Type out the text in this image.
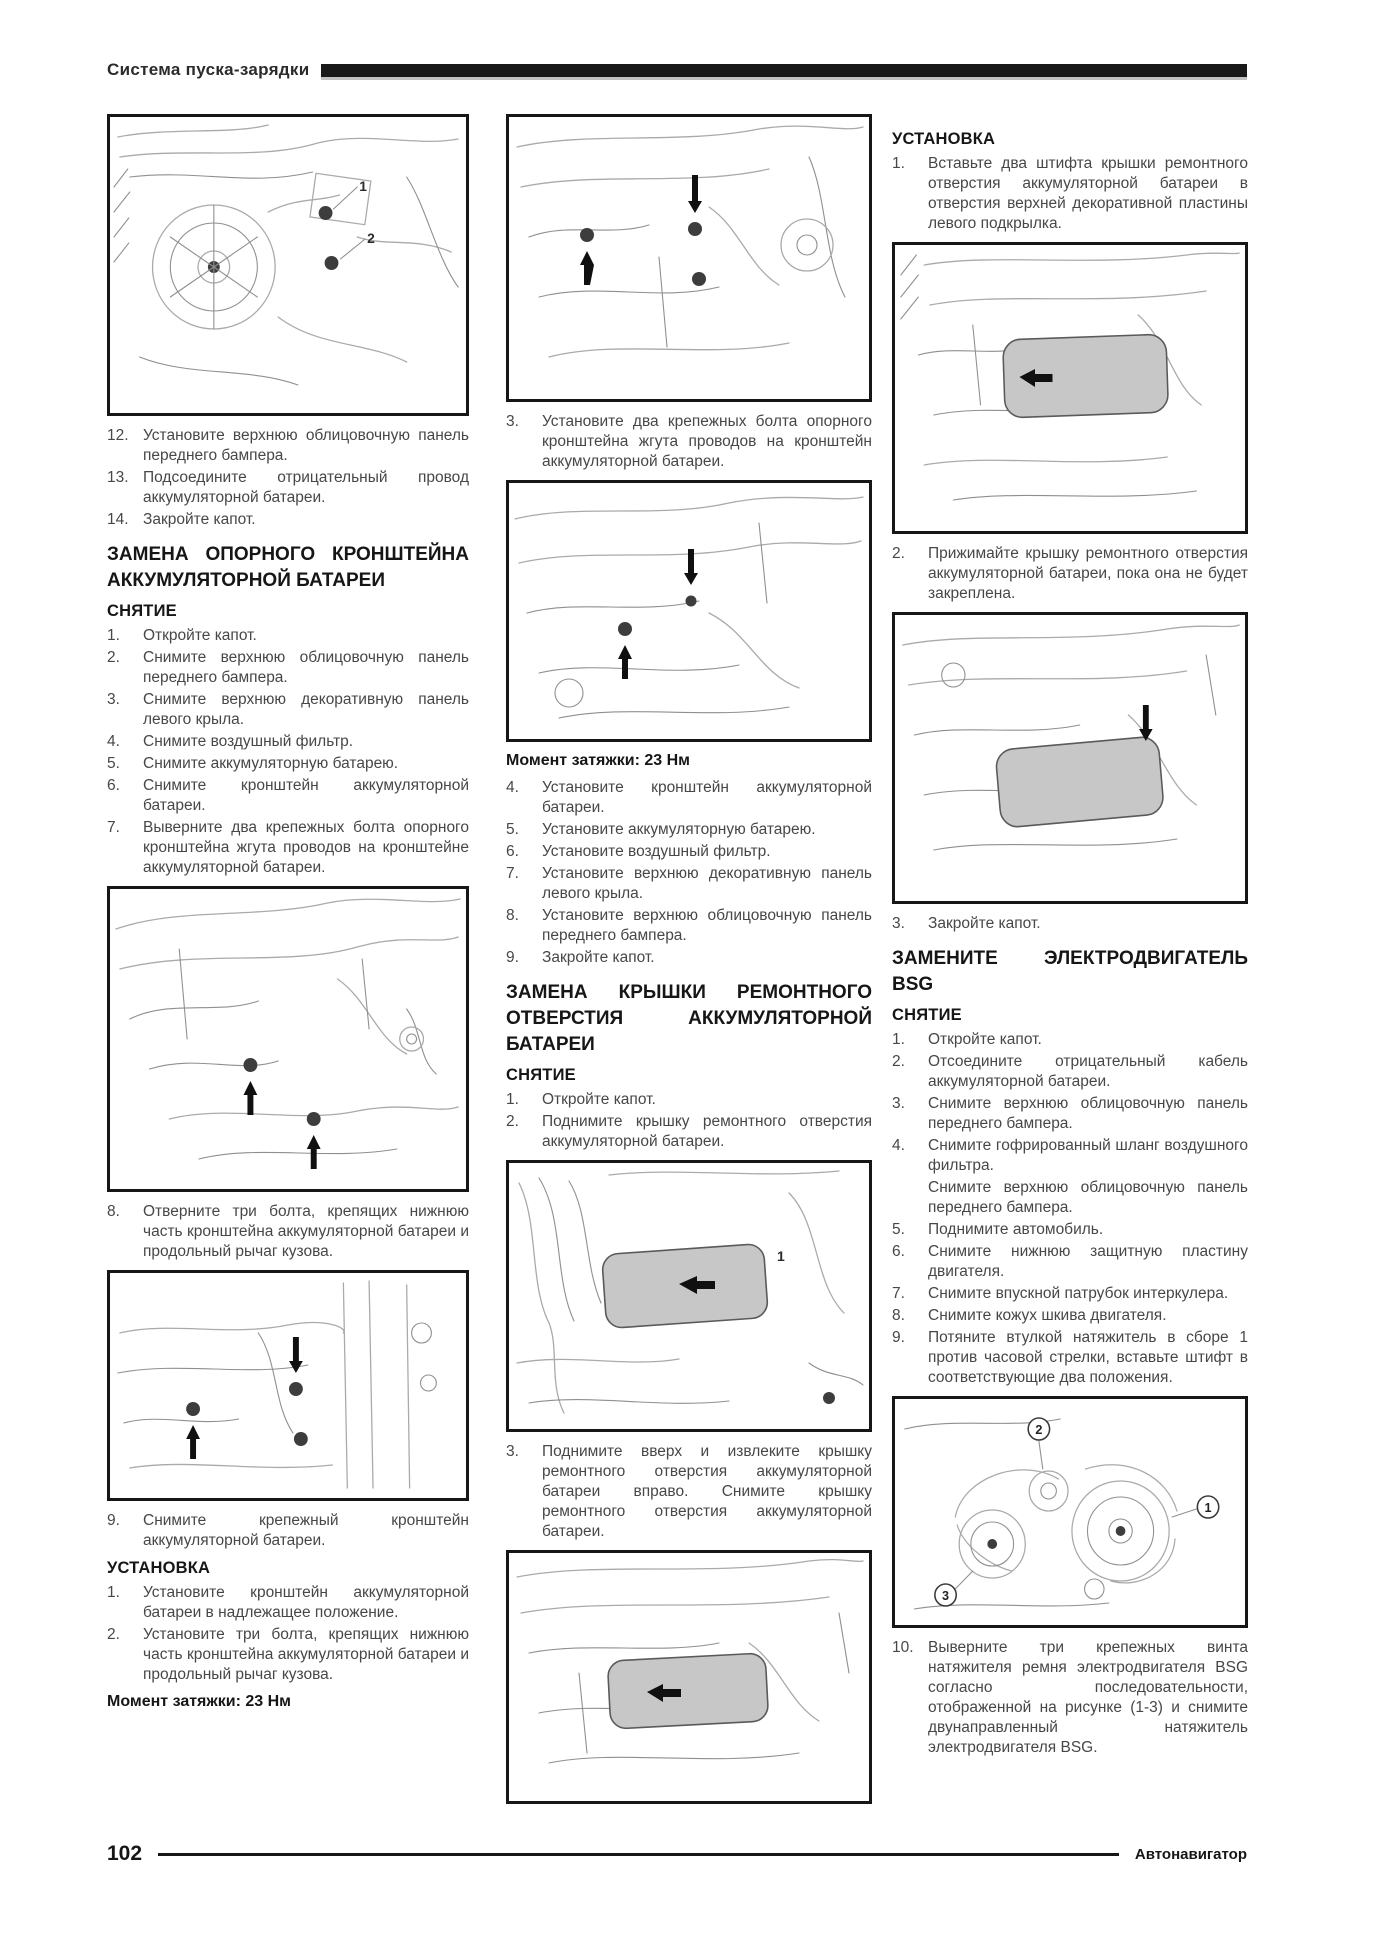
Система пуска-зарядки
1
2
12. Установите верхнюю облицовочную панель переднего бампера.
13. Подсоедините отрицательный провод аккумуляторной батареи.
14. Закройте капот.
ЗАМЕНА ОПОРНОГО КРОНШТЕЙНА АККУМУЛЯТОРНОЙ БАТАРЕИ
СНЯТИЕ
1.	Откройте капот.
2.	Снимите верхнюю облицовочную панель переднего бампера.
3.	Снимите верхнюю декоративную панель левого крыла.
4.	Снимите воздушный фильтр.
5.	Снимите аккумуляторную батарею.
6.	Снимите кронштейн аккумуляторной батареи.
7.	Выверните два крепежных болта опорного кронштейна жгута проводов на кронштейне аккумуляторной батареи.
8.	Отверните три болта, крепящих нижнюю часть кронштейна аккумуляторной батареи и продольный рычаг кузова.
9.	Снимите крепежный кронштейн аккумуляторной батареи.
УСТАНОВКА
1.	Установите кронштейн аккумуляторной батареи в надлежащее положение.
2.	Установите три болта, крепящих нижнюю часть кронштейна аккумуляторной батареи и продольный рычаг кузова.
Момент затяжки: 23 Нм
3.	Установите два крепежных болта опорного кронштейна жгута проводов на кронштейн аккумуляторной батареи.
Момент затяжки: 23 Нм
4.	Установите кронштейн аккумуляторной батареи.
5.	Установите аккумуляторную батарею.
6.	Установите воздушный фильтр.
7.	Установите верхнюю декоративную панель левого крыла.
8.	Установите верхнюю облицовочную панель переднего бампера.
9.	Закройте капот.
ЗАМЕНА КРЫШКИ РЕМОНТНОГО ОТВЕРСТИЯ АККУМУЛЯТОРНОЙ БАТАРЕИ
СНЯТИЕ
1.	Откройте капот.
2.	Поднимите крышку ремонтного отверстия аккумуляторной батареи.
1
3.	Поднимите вверх и извлеките крышку ремонтного отверстия аккумуляторной батареи вправо. Снимите крышку ремонтного отверстия аккумуляторной батареи.
УСТАНОВКА
1.	Вставьте два штифта крышки ремонтного отверстия аккумуляторной батареи в отверстия верхней декоративной пластины левого подкрылка.
2.	Прижимайте крышку ремонтного отверстия аккумуляторной батареи, пока она не будет закреплена.
3.	Закройте капот.
ЗАМЕНИТЕ ЭЛЕКТРОДВИГАТЕЛЬ BSG
СНЯТИЕ
1.	Откройте капот.
2.	Отсоедините отрицательный кабель аккумуляторной батареи.
3.	Снимите верхнюю облицовочную панель переднего бампера.
4.	Снимите гофрированный шланг воздушного фильтра.
Снимите верхнюю облицовочную панель переднего бампера.
5.	Поднимите автомобиль.
6.	Снимите нижнюю защитную пластину двигателя.
7.	Снимите впускной патрубок интеркулера.
8.	Снимите кожух шкива двигателя.
9.	Потяните втулкой натяжитель в сборе 1 против часовой стрелки, вставьте штифт в соответствующие два положения.
2
1
3
10. Выверните три крепежных винта натяжителя ремня электродвигателя BSG согласно последовательности, отображенной на рисунке (1-3) и снимите двунаправленный натяжитель электродвигателя BSG.
102	Автонавигатор
